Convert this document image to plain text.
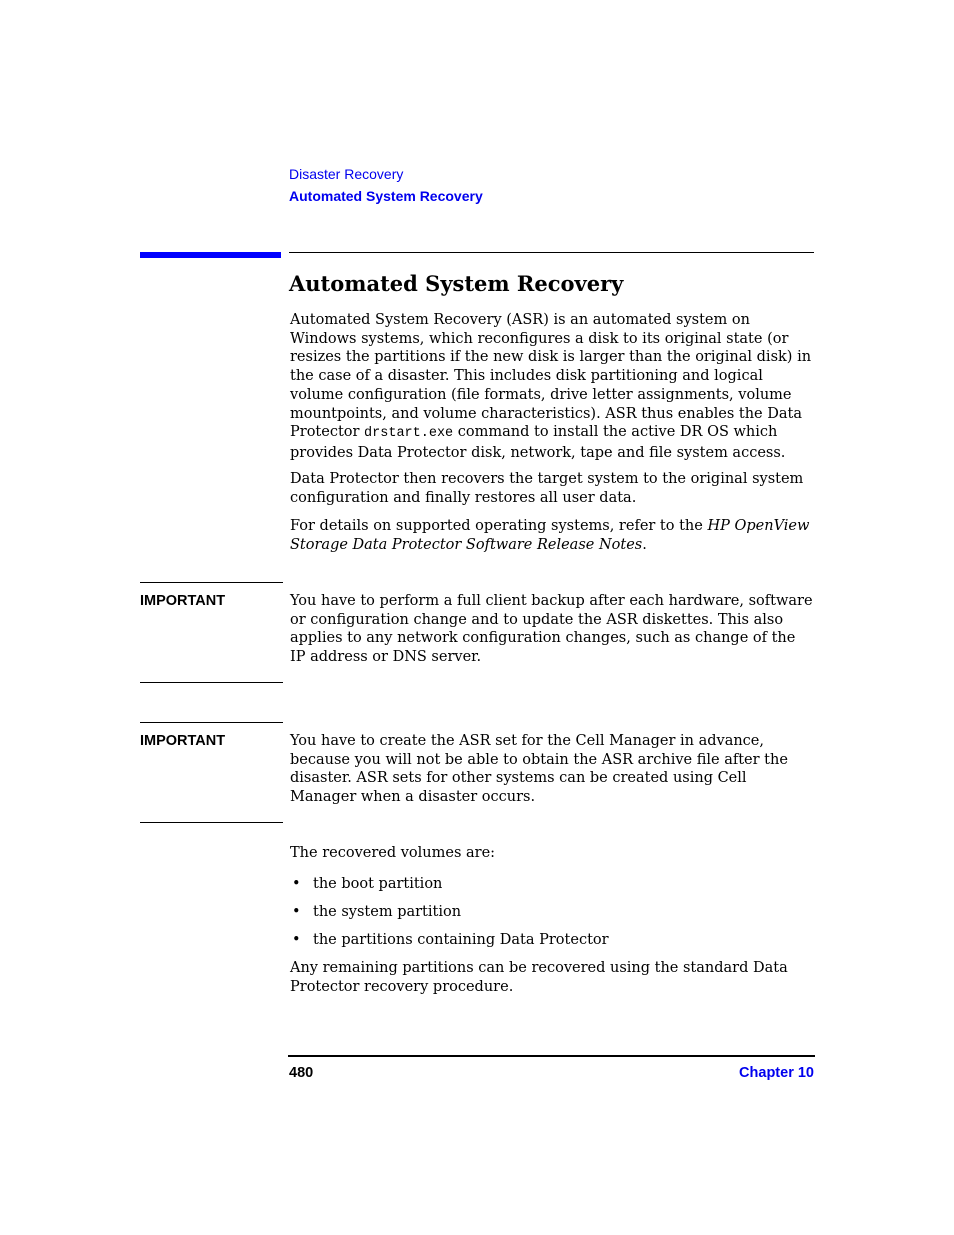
Disaster Recovery
Automated System Recovery
Automated System Recovery

Automated System Recovery (ASR) is an automated system on Windows systems, which reconfigures a disk to its original state (or resizes the partitions if the new disk is larger than the original disk) in the case of a disaster. This includes disk partitioning and logical volume configuration (file formats, drive letter assignments, volume mountpoints, and volume characteristics). ASR thus enables the Data Protector drstart.exe command to install the active DR OS which provides Data Protector disk, network, tape and file system access.

Data Protector then recovers the target system to the original system configuration and finally restores all user data.

For details on supported operating systems, refer to the HP OpenView Storage Data Protector Software Release Notes.

IMPORTANT	You have to perform a full client backup after each hardware, software or configuration change and to update the ASR diskettes. This also applies to any network configuration changes, such as change of the IP address or DNS server.

IMPORTANT	You have to create the ASR set for the Cell Manager in advance, because you will not be able to obtain the ASR archive file after the disaster. ASR sets for other systems can be created using Cell Manager when a disaster occurs.

The recovered volumes are:

• the boot partition
• the system partition
• the partitions containing Data Protector

Any remaining partitions can be recovered using the standard Data Protector recovery procedure.

480	Chapter 10
